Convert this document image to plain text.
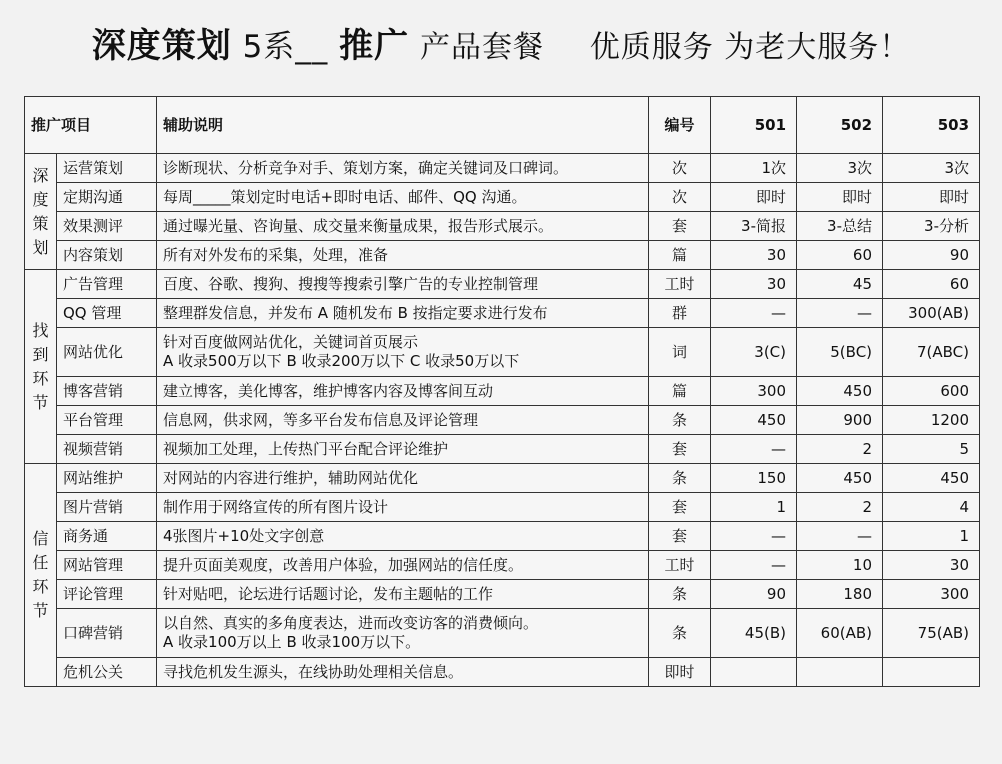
深度策划 5系__ 推广 产品套餐 优质服务 为老大服务！
推广项目		辅助说明	编号	501	502	503

深
度
策
划	运营策划	诊断现状、分析竞争对手、策划方案，确定关键词及口碑词。	次	1次	3次	3次
	定期沟通	每周_____策划定时电话+即时电话、邮件、QQ 沟通。	次	即时	即时	即时
	效果测评	通过曝光量、咨询量、成交量来衡量成果，报告形式展示。	套	3-简报	3-总结	3-分析
	内容策划	所有对外发布的采集，处理，准备	篇	30	60	90

找
到
环
节	广告管理	百度、谷歌、搜狗、搜搜等搜索引擎广告的专业控制管理	工时	30	45	60
	QQ 管理	整理群发信息，并发布 A 随机发布 B 按指定要求进行发布	群	—	—	300(AB)
	网站优化	针对百度做网站优化，关键词首页展示
A 收录500万以下 B 收录200万以下 C 收录50万以下	词	3(C)	5(BC)	7(ABC)
	博客营销	建立博客，美化博客，维护博客内容及博客间互动	篇	300	450	600
	平台管理	信息网，供求网，等多平台发布信息及评论管理	条	450	900	1200
	视频营销	视频加工处理，上传热门平台配合评论维护	套	—	2	5

信
任
环
节	网站维护	对网站的内容进行维护，辅助网站优化	条	150	450	450
	图片营销	制作用于网络宣传的所有图片设计	套	1	2	4
	商务通	4张图片+10处文字创意	套	—	—	1
	网站管理	提升页面美观度，改善用户体验，加强网站的信任度。	工时	—	10	30
	评论管理	针对贴吧，论坛进行话题讨论，发布主题帖的工作	条	90	180	300
	口碑营销	以自然、真实的多角度表达，进而改变访客的消费倾向。
A 收录100万以上 B 收录100万以下。	条	45(B)	60(AB)	75(AB)
	危机公关	寻找危机发生源头，在线协助处理相关信息。	即时			
